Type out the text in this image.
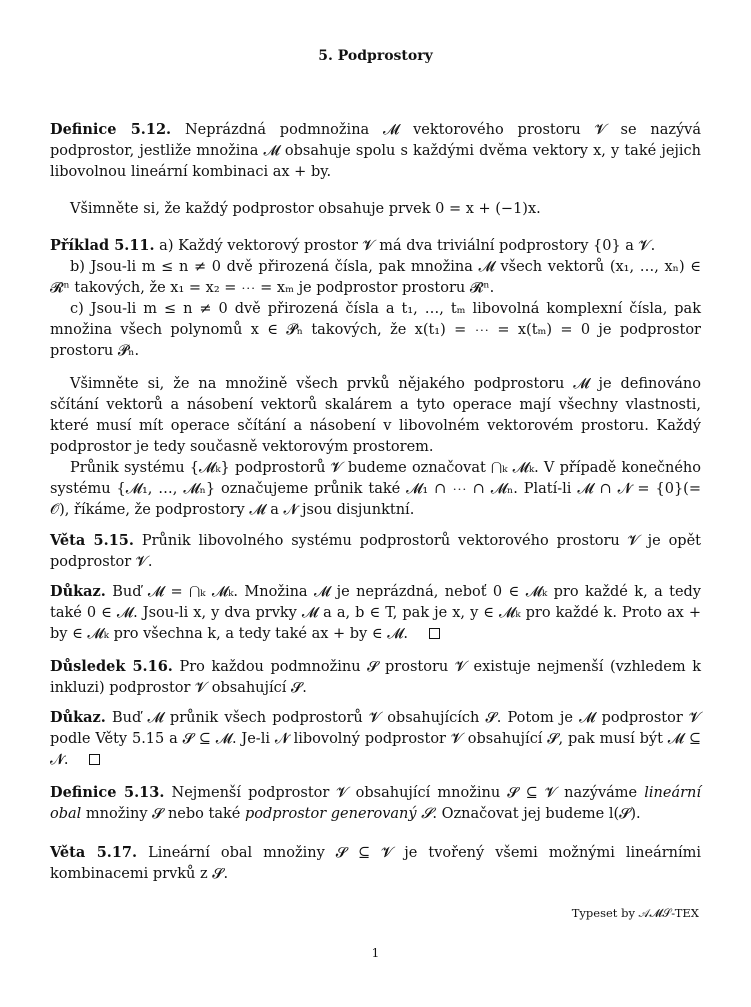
5. Podprostory
Definice 5.12. Neprázdná podmnožina 𝓜 vektorového prostoru 𝓥 se nazývá podprostor, jestliže množina 𝓜 obsahuje spolu s každými dvěma vektory x, y také jejich libovolnou lineární kombinaci ax + by.
Všimněte si, že každý podprostor obsahuje prvek 0 = x + (−1)x.
Příklad 5.11. a) Každý vektorový prostor 𝓥 má dva triviální podprostory {0} a 𝓥.
b) Jsou-li m ≤ n ≠ 0 dvě přirozená čísla, pak množina 𝓜 všech vektorů (x₁, …, xₙ) ∈ 𝓡ⁿ takových, že x₁ = x₂ = ⋯ = xₘ je podprostor prostoru 𝓡ⁿ.
c) Jsou-li m ≤ n ≠ 0 dvě přirozená čísla a t₁, …, tₘ libovolná komplexní čísla, pak množina všech polynomů x ∈ 𝓟ₙ takových, že x(t₁) = ⋯ = x(tₘ) = 0 je podprostor prostoru 𝓟ₙ.
Všimněte si, že na množině všech prvků nějakého podprostoru 𝓜 je definováno sčítání vektorů a násobení vektorů skalárem a tyto operace mají všechny vlastnosti, které musí mít operace sčítání a násobení v libovolném vektorovém prostoru. Každý podprostor je tedy současně vektorovým prostorem.
Průnik systému {𝓜ₖ} podprostorů 𝓥 budeme označovat ⋂ₖ 𝓜ₖ. V případě konečného systému {𝓜₁, …, 𝓜ₙ} označujeme průnik také 𝓜₁ ∩ ⋯ ∩ 𝓜ₙ. Platí-li 𝓜 ∩ 𝓝 = {0}(= 𝒪), říkáme, že podprostory 𝓜 a 𝓝 jsou disjunktní.
Věta 5.15. Průnik libovolného systému podprostorů vektorového prostoru 𝓥 je opět podprostor 𝓥.
Důkaz. Buď 𝓜 = ⋂ₖ 𝓜ₖ. Množina 𝓜 je neprázdná, neboť 0 ∈ 𝓜ₖ pro každé k, a tedy také 0 ∈ 𝓜. Jsou-li x, y dva prvky 𝓜 a a, b ∈ T, pak je x, y ∈ 𝓜ₖ pro každé k. Proto ax + by ∈ 𝓜ₖ pro všechna k, a tedy také ax + by ∈ 𝓜.
Důsledek 5.16. Pro každou podmnožinu 𝓢 prostoru 𝓥 existuje nejmenší (vzhledem k inkluzi) podprostor 𝓥 obsahující 𝓢.
Důkaz. Buď 𝓜 průnik všech podprostorů 𝓥 obsahujících 𝓢. Potom je 𝓜 podprostor 𝓥 podle Věty 5.15 a 𝓢 ⊆ 𝓜. Je-li 𝓝 libovolný podprostor 𝓥 obsahující 𝓢, pak musí být 𝓜 ⊆ 𝓝.
Definice 5.13. Nejmenší podprostor 𝓥 obsahující množinu 𝓢 ⊆ 𝓥 nazýváme lineární obal množiny 𝓢 nebo také podprostor generovaný 𝓢. Označovat jej budeme l(𝓢).
Věta 5.17. Lineární obal množiny 𝓢 ⊆ 𝓥 je tvořený všemi možnými lineárními kombinacemi prvků z 𝓢.
Typeset by 𝒜𝓜𝒮-TEX
1
